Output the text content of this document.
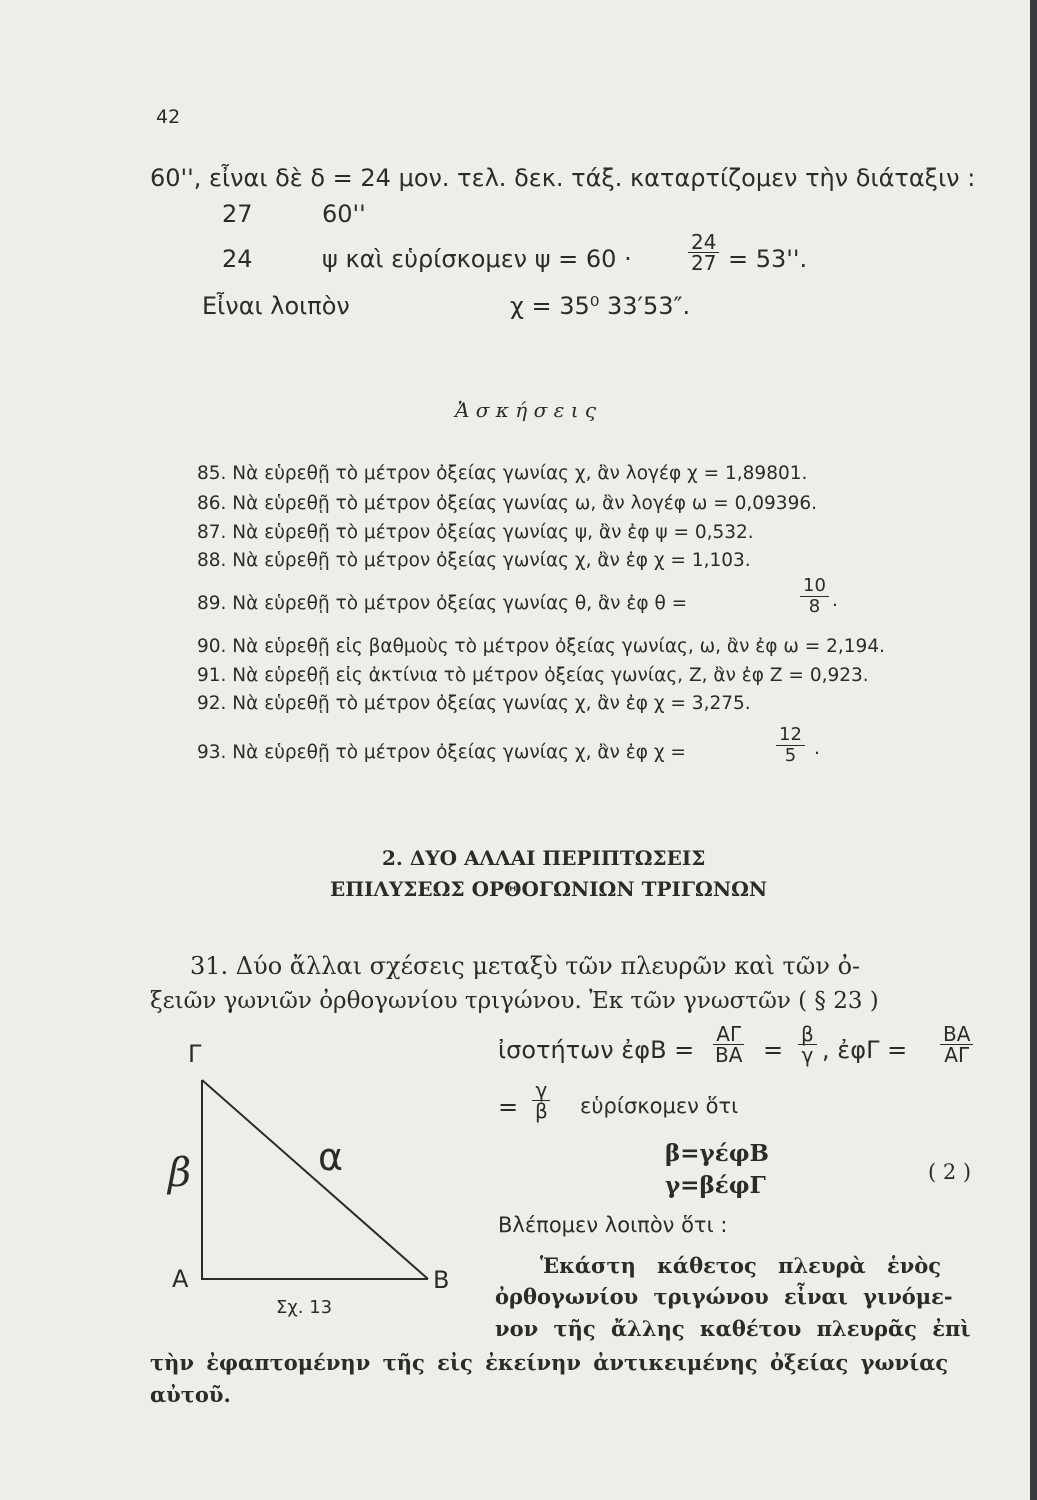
42
60'', εἶναι δὲ δ = 24 μον. τελ. δεκ. τάξ. καταρτίζομεν τὴν διάταξιν :
27	60''
24	ψ καὶ εὑρίσκομεν ψ = 60 ·	$\frac{24}{27} = 53''$.
Εἶναι λοιπὸν	χ = 35⁰ 33′53″.
Ἀ σ κ ή σ ε ι ς
85. Νὰ εὑρεθῇ τὸ μέτρον ὀξείας γωνίας χ, ἂν λογέφ χ = 1,89801.
86. Νὰ εὑρεθῇ τὸ μέτρον ὀξείας γωνίας ω, ἂν λογέφ ω = 0,09396.
87. Νὰ εὑρεθῇ τὸ μέτρον ὀξείας γωνίας ψ, ἂν ἐφ ψ = 0,532.
88. Νὰ εὑρεθῇ τὸ μέτρον ὀξείας γωνίας χ, ἂν ἐφ χ = 1,103.
89. Νὰ εὑρεθῇ τὸ μέτρον ὀξείας γωνίας θ, ἂν ἐφ θ =	$\frac{10}{8}$ .
90. Νὰ εὑρεθῇ εἰς βαθμοὺς τὸ μέτρον ὀξείας γωνίας, ω, ἂν ἐφ ω = 2,194.
91. Νὰ εὑρεθῇ εἰς ἀκτίνια τὸ μέτρον ὀξείας γωνίας, Ζ, ἂν ἐφ Ζ = 0,923.
92. Νὰ εὑρεθῇ τὸ μέτρον ὀξείας γωνίας χ, ἂν ἐφ χ = 3,275.
93. Νὰ εὑρεθῇ τὸ μέτρον ὀξείας γωνίας χ, ἂν ἐφ χ =	$\frac{12}{5}$ .
2. ΔΥΟ ΑΛΛΑΙ ΠΕΡΙΠΤΩΣΕΙΣ
ΕΠΙΛΥΣΕΩΣ ΟΡΘΟΓΩΝΙΩΝ ΤΡΙΓΩΝΩΝ
31. Δύο ἄλλαι σχέσεις μεταξὺ τῶν πλευρῶν καὶ τῶν ὀ-
ξειῶν γωνιῶν ὀρθογωνίου τριγώνου. Ἐκ τῶν γνωστῶν ( § 23 )
ἰσοτήτων ἐφΒ = $\frac{A\Gamma}{BA} = \frac{\beta}{\gamma}$ , ἐφΓ = $\frac{BA}{A\Gamma}$
= $\frac{\gamma}{\beta}$ εὑρίσκομεν ὅτι
β=γέφΒ
γ=βέφΓ	( 2 )
Βλέπομεν λοιπὸν ὅτι :
Ἑκάστη κάθετος πλευρὰ ἑνὸς
ὀρθογωνίου τριγώνου εἶναι γινόμε-
νον τῆς ἄλλης καθέτου πλευρᾶς ἐπὶ
τὴν ἐφαπτομένην τῆς εἰς ἐκείνην ἀντικειμένης ὀξείας γωνίας
αὐτοῦ.
Γ
Α	Β
β	α
Σχ. 13
